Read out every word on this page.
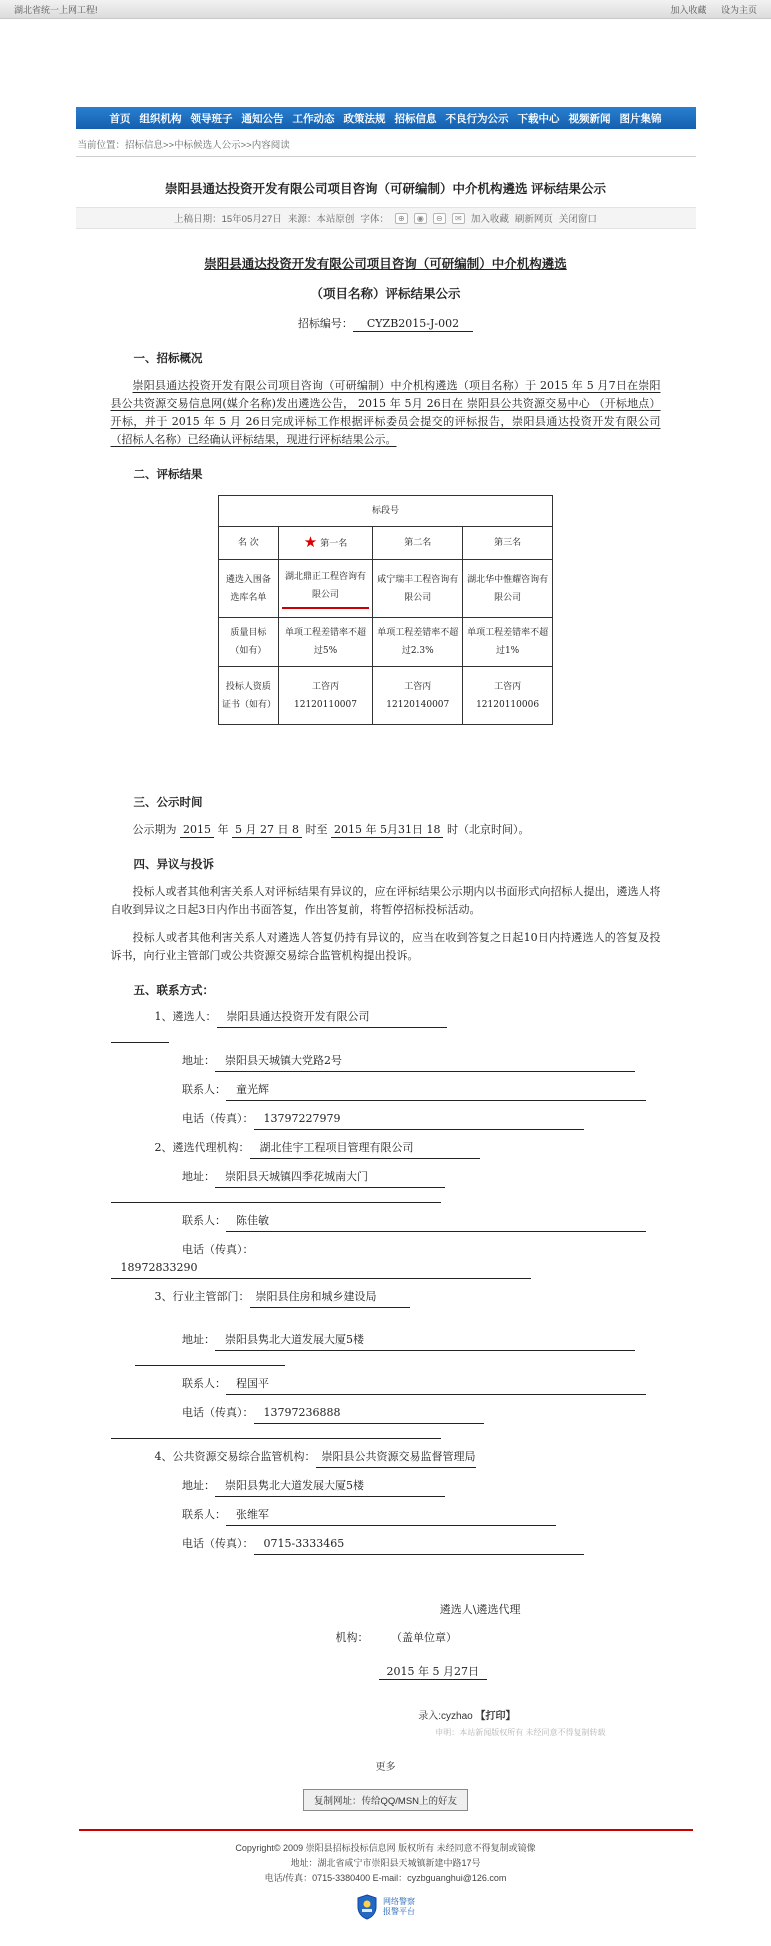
湖北省统一上网工程!	加入收藏 设为主页
首页 组织机构 领导班子 通知公告 工作动态 政策法规 招标信息 不良行为公示 下载中心 视频新闻 图片集锦
当前位置：招标信息>>中标候选人公示>>内容阅读
崇阳县通达投资开发有限公司项目咨询（可研编制）中介机构遴选 评标结果公示
上稿日期：15年05月27日 来源：本站原创 字体：	⊕	◉	⊖	✉ 加入收藏 刷新网页 关闭窗口
崇阳县通达投资开发有限公司项目咨询（可研编制）中介机构遴选
（项目名称）评标结果公示
招标编号： CYZB2015-J-002
一、招标概况
崇阳县通达投资开发有限公司项目咨询（可研编制）中介机构遴选（项目名称）于 2015 年 5 月7日在崇阳县公共资源交易信息网(媒介名称)发出遴选公告， 2015 年 5月 26日在 崇阳县公共资源交易中心 （开标地点）开标，并于 2015 年 5 月 26日完成评标工作根据评标委员会提交的评标报告，崇阳县通达投资开发有限公司 （招标人名称）已经确认评标结果，现进行评标结果公示。
二、评标结果
标段号			
名 次	★ 第一名	第二名	第三名
遴选入围备选库名单	湖北鼎正工程咨询有限公司	咸宁瑞丰工程咨询有限公司	湖北华中惟耀咨询有限公司
质量目标（如有）	单项工程差错率不超过5%	单项工程差错率不超过2.3%	单项工程差错率不超过1%
投标人资质证书（如有）	工咨丙12120110007	工咨丙12120140007	工咨丙12120110006
三、公示时间
公示期为 2015 年 5 月 27 日 8 时至 2015 年 5月31日 18 时（北京时间）。
四、异议与投诉
投标人或者其他利害关系人对评标结果有异议的，应在评标结果公示期内以书面形式向招标人提出，遴选人将自收到异议之日起3日内作出书面答复，作出答复前，将暂停招标投标活动。
投标人或者其他利害关系人对遴选人答复仍持有异议的，应当在收到答复之日起10日内持遴选人的答复及投诉书，向行业主管部门或公共资源交易综合监管机构提出投诉。
五、联系方式：
1、遴选人： 崇阳县通达投资开发有限公司
地址： 崇阳县天城镇大党路2号
联系人： 童光辉
电话（传真）： 13797227979
2、遴选代理机构： 湖北佳宇工程项目管理有限公司
地址： 崇阳县天城镇四季花城南大门
联系人： 陈佳敏
电话（传真）：18972833290
3、行业主管部门： 崇阳县住房和城乡建设局
地址： 崇阳县隽北大道发展大厦5楼
联系人： 程国平
电话（传真）： 13797236888
4、公共资源交易综合监管机构： 崇阳县公共资源交易监督管理局
地址： 崇阳县隽北大道发展大厦5楼
联系人： 张维军
电话（传真）： 0715-3333465
遴选人\遴选代理
机构：	（盖单位章）
2015 年 5 月27日
录入:cyzhao 【打印】
申明：本站新闻版权所有 未经同意不得复制转载
更多
复制网址：传给QQ/MSN上的好友
Copyright© 2009 崇阳县招标投标信息网 版权所有 未经同意不得复制或镜像
地址：湖北省咸宁市崇阳县天城镇新建中路17号
电话/传真：0715-3380400 E-mail：cyzbguanghui@126.com
网络警察
报警平台
